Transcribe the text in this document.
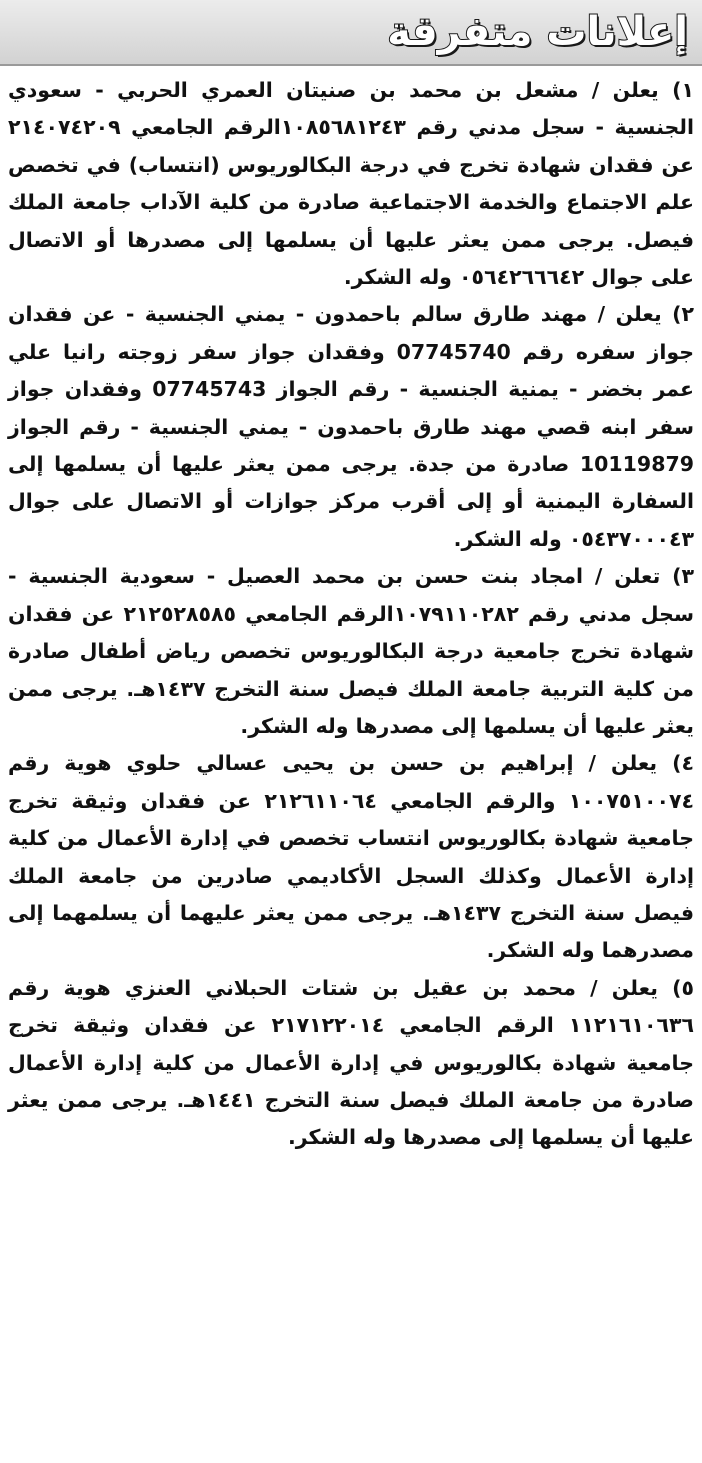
إعلانات متفرقة

١) يعلن / مشعل بن محمد بن صنيتان العمري الحربي - سعودي الجنسية - سجل مدني رقم ١٠٨٥٦٨١٢٤٣الرقم الجامعي ٢١٤٠٧٤٢٠٩ عن فقدان شهادة تخرج في درجة البكالوريوس (انتساب) في تخصص علم الاجتماع والخدمة الاجتماعية صادرة من كلية الآداب جامعة الملك فيصل. يرجى ممن يعثر عليها أن يسلمها إلى مصدرها أو الاتصال على جوال ٠٥٦٤٢٦٦٦٤٢ وله الشكر.

٢) يعلن / مهند طارق سالم باحمدون - يمني الجنسية - عن فقدان جواز سفره رقم 07745740 وفقدان جواز سفر زوجته رانيا علي عمر بخضر - يمنية الجنسية - رقم الجواز 07745743 وفقدان جواز سفر ابنه قصي مهند طارق باحمدون - يمني الجنسية - رقم الجواز 10119879 صادرة من جدة. يرجى ممن يعثر عليها أن يسلمها إلى السفارة اليمنية أو إلى أقرب مركز جوازات أو الاتصال على جوال ٠٥٤٣٧٠٠٠٤٣ وله الشكر.

٣) تعلن / امجاد بنت حسن بن محمد العصيل - سعودية الجنسية - سجل مدني رقم ١٠٧٩١١٠٢٨٢الرقم الجامعي ٢١٢٥٢٨٥٨٥ عن فقدان شهادة تخرج جامعية درجة البكالوريوس تخصص رياض أطفال صادرة من كلية التربية جامعة الملك فيصل سنة التخرج ١٤٣٧هـ. يرجى ممن يعثر عليها أن يسلمها إلى مصدرها وله الشكر.

٤) يعلن / إبراهيم بن حسن بن يحيى عسالي حلوي هوية رقم ١٠٠٧٥١٠٠٧٤ والرقم الجامعي ٢١٢٦١١٠٦٤ عن فقدان وثيقة تخرج جامعية شهادة بكالوريوس انتساب تخصص في إدارة الأعمال من كلية إدارة الأعمال وكذلك السجل الأكاديمي صادرين من جامعة الملك فيصل سنة التخرج ١٤٣٧هـ. يرجى ممن يعثر عليهما أن يسلمهما إلى مصدرهما وله الشكر.

٥) يعلن / محمد بن عقيل بن شتات الحبلاني العنزي هوية رقم ١١٢١٦١٠٦٣٦ الرقم الجامعي ٢١٧١٢٢٠١٤ عن فقدان وثيقة تخرج جامعية شهادة بكالوريوس في إدارة الأعمال من كلية إدارة الأعمال صادرة من جامعة الملك فيصل سنة التخرج ١٤٤١هـ. يرجى ممن يعثر عليها أن يسلمها إلى مصدرها وله الشكر.
